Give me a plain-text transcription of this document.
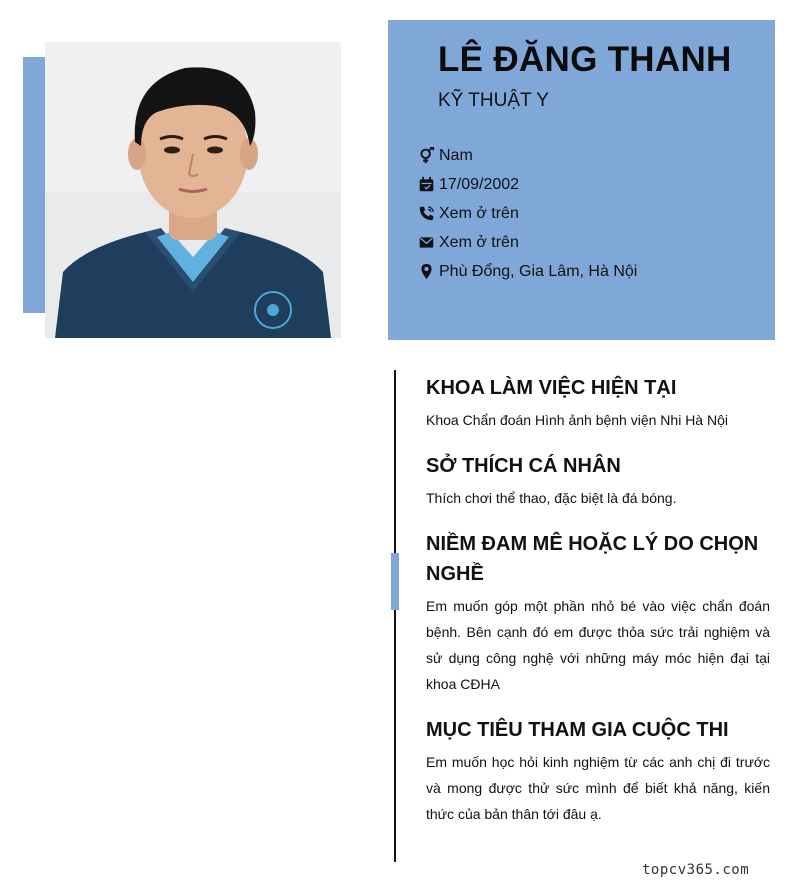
LÊ ĐĂNG THANH
KỸ THUẬT Y
Nam
17/09/2002
Xem ở trên
Xem ở trên
Phù Đổng, Gia Lâm, Hà Nội
KHOA LÀM VIỆC HIỆN TẠI

Khoa Chẩn đoán Hình ảnh bệnh viện Nhi Hà Nội

SỞ THÍCH CÁ NHÂN

Thích chơi thể thao, đặc biệt là đá bóng.

NIỀM ĐAM MÊ HOẶC LÝ DO CHỌN NGHỀ

Em muốn góp một phần nhỏ bé vào việc chẩn đoán bệnh. Bên cạnh đó em được thỏa sức trải nghiệm và sử dụng công nghệ với những máy móc hiện đại tại khoa CĐHA

MỤC TIÊU THAM GIA CUỘC THI

Em muốn học hỏi kinh nghiệm từ các anh chị đi trước và mong được thử sức mình để biết khả năng, kiến thức của bản thân tới đâu ạ.

topcv365.com
